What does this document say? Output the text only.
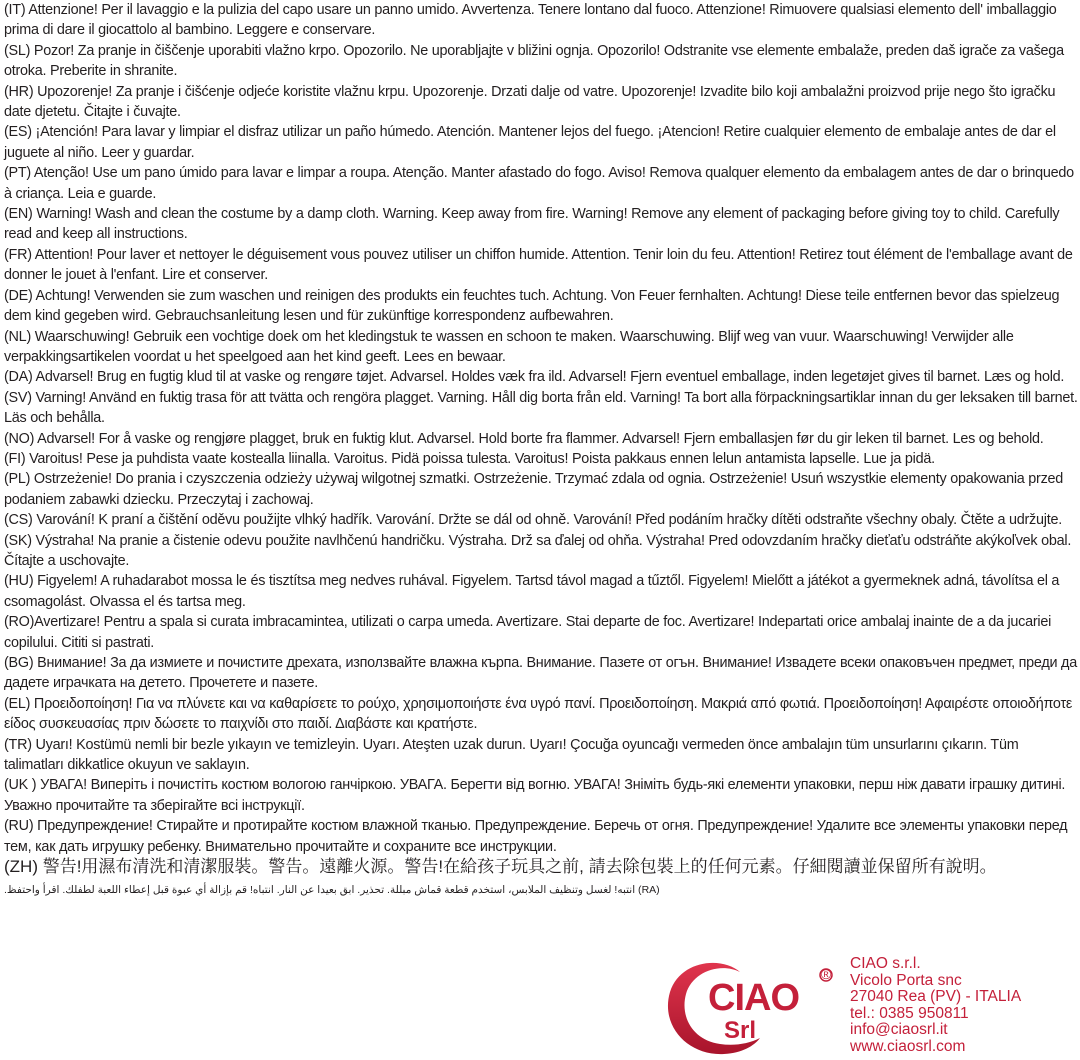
(IT) Attenzione! Per il lavaggio e la pulizia del capo usare un panno umido. Avvertenza. Tenere lontano dal fuoco. Attenzione! Rimuovere qualsiasi elemento dell' imballaggio prima di dare il giocattolo al bambino. Leggere e conservare.

(SL) Pozor! Za pranje in čiščenje uporabiti vlažno krpo. Opozorilo. Ne uporabljajte v bližini ognja. Opozorilo! Odstranite vse elemente embalaže, preden daš igrače za vašega otroka. Preberite in shranite.

(HR) Upozorenje! Za pranje i čišćenje odjeće koristite vlažnu krpu. Upozorenje. Drzati dalje od vatre. Upozorenje! Izvadite bilo koji ambalažni proizvod prije nego što igračku date djetetu. Čitajte i čuvajte.

(ES) ¡Atención! Para lavar y limpiar el disfraz utilizar un paño húmedo. Atención. Mantener lejos del fuego. ¡Atencion! Retire cualquier elemento de embalaje antes de dar el juguete al niño. Leer y guardar.

(PT) Atenção! Use um pano úmido para lavar e limpar a roupa. Atenção. Manter afastado do fogo. Aviso! Remova qualquer elemento da embalagem antes de dar o brinquedo à criança. Leia e guarde.

(EN) Warning! Wash and clean the costume by a damp cloth. Warning. Keep away from fire. Warning! Remove any element of packaging before giving toy to child. Carefully read and keep all instructions.

(FR) Attention! Pour laver et nettoyer le déguisement vous pouvez utiliser un chiffon humide. Attention. Tenir loin du feu. Attention! Retirez tout élément de l'emballage avant de donner le jouet à l'enfant. Lire et conserver.

(DE) Achtung! Verwenden sie zum waschen und reinigen des produkts ein feuchtes tuch. Achtung. Von Feuer fernhalten. Achtung! Diese teile entfernen bevor das spielzeug dem kind gegeben wird. Gebrauchsanleitung lesen und für zukünftige korrespondenz aufbewahren.

(NL) Waarschuwing! Gebruik een vochtige doek om het kledingstuk te wassen en schoon te maken. Waarschuwing. Blijf weg van vuur. Waarschuwing! Verwijder alle verpakkingsartikelen voordat u het speelgoed aan het kind geeft. Lees en bewaar.

(DA) Advarsel! Brug en fugtig klud til at vaske og rengøre tøjet. Advarsel. Holdes væk fra ild. Advarsel! Fjern eventuel emballage, inden legetøjet gives til barnet. Læs og hold.

(SV) Varning! Använd en fuktig trasa för att tvätta och rengöra plagget. Varning. Håll dig borta från eld. Varning! Ta bort alla förpackningsartiklar innan du ger leksaken till barnet. Läs och behålla.

(NO) Advarsel! For å vaske og rengjøre plagget, bruk en fuktig klut. Advarsel. Hold borte fra flammer. Advarsel! Fjern emballasjen før du gir leken til barnet. Les og behold.

(FI) Varoitus! Pese ja puhdista vaate kostealla liinalla. Varoitus. Pidä poissa tulesta. Varoitus! Poista pakkaus ennen lelun antamista lapselle. Lue ja pidä.

(PL) Ostrzeżenie! Do prania i czyszczenia odzieży używaj wilgotnej szmatki. Ostrzeżenie. Trzymać zdala od ognia. Ostrzeżenie! Usuń wszystkie elementy opakowania przed podaniem zabawki dziecku. Przeczytaj i zachowaj.

(CS) Varování! K praní a čištění oděvu použijte vlhký hadřík. Varování. Držte se dál od ohně. Varování! Před podáním hračky dítěti odstraňte všechny obaly. Čtěte a udržujte.

(SK) Výstraha! Na pranie a čistenie odevu použite navlhčenú handričku. Výstraha. Drž sa ďalej od ohňa. Výstraha! Pred odovzdaním hračky dieťaťu odstráňte akýkoľvek obal. Čítajte a uschovajte.

(HU) Figyelem! A ruhadarabot mossa le és tisztítsa meg nedves ruhával. Figyelem. Tartsd távol magad a tűztől. Figyelem! Mielőtt a játékot a gyermeknek adná, távolítsa el a csomagolást. Olvassa el és tartsa meg.

(RO)Avertizare! Pentru a spala si curata imbracamintea, utilizati o carpa umeda. Avertizare. Stai departe de foc. Avertizare! Indepartati orice ambalaj inainte de a da jucariei copilului. Cititi si pastrati.

(BG) Внимание! За да измиете и почистите дрехата, използвайте влажна кърпа. Внимание. Пазете от огън. Внимание! Извадете всеки опаковъчен предмет, преди да дадете играчката на детето. Прочетете и пазете.

(EL) Προειδοποίηση! Για να πλύνετε και να καθαρίσετε το ρούχο, χρησιμοποιήστε ένα υγρό πανί. Προειδοποίηση. Μακριά από φωτιά. Προειδοποίηση! Αφαιρέστε οποιοδήποτε είδος συσκευασίας πριν δώσετε το παιχνίδι στο παιδί. Διαβάστε και κρατήστε.

(TR) Uyarı! Kostümü nemli bir bezle yıkayın ve temizleyin. Uyarı. Ateşten uzak durun. Uyarı! Çocuğa oyuncağı vermeden önce ambalajın tüm unsurlarını çıkarın. Tüm talimatları dikkatlice okuyun ve saklayın.

(UK ) УВАГА! Виперіть і почистіть костюм вологою ганчіркою. УВАГА. Берегти від вогню. УВАГА! Зніміть будь-які елементи упаковки, перш ніж давати іграшку дитині. Уважно прочитайте та зберігайте всі інструкції.

(RU) Предупреждение! Стирайте и протирайте костюм влажной тканью. Предупреждение. Беречь от огня. Предупреждение! Удалите все элементы упаковки перед тем, как дать игрушку ребенку. Внимательно прочитайте и сохраните все инструкции.

(ZH) 警告!用濕布清洗和清潔服裝。警告。遠離火源。警告!在給孩子玩具之前, 請去除包裝上的任何元素。仔細閱讀並保留所有說明。

(RA) انتبه! لغسل وتنظيف الملابس، استخدم قطعة قماش مبللة. تحذير. ابق بعيدا عن النار. انتباه! قم بإزالة أي عبوة قبل إعطاء اللعبة لطفلك. اقرأ واحتفظ.

CIAO
Srl
®
CIAO s.r.l.
Vicolo Porta snc
27040 Rea (PV) - ITALIA
tel.: 0385 950811
info@ciaosrl.it
www.ciaosrl.com
